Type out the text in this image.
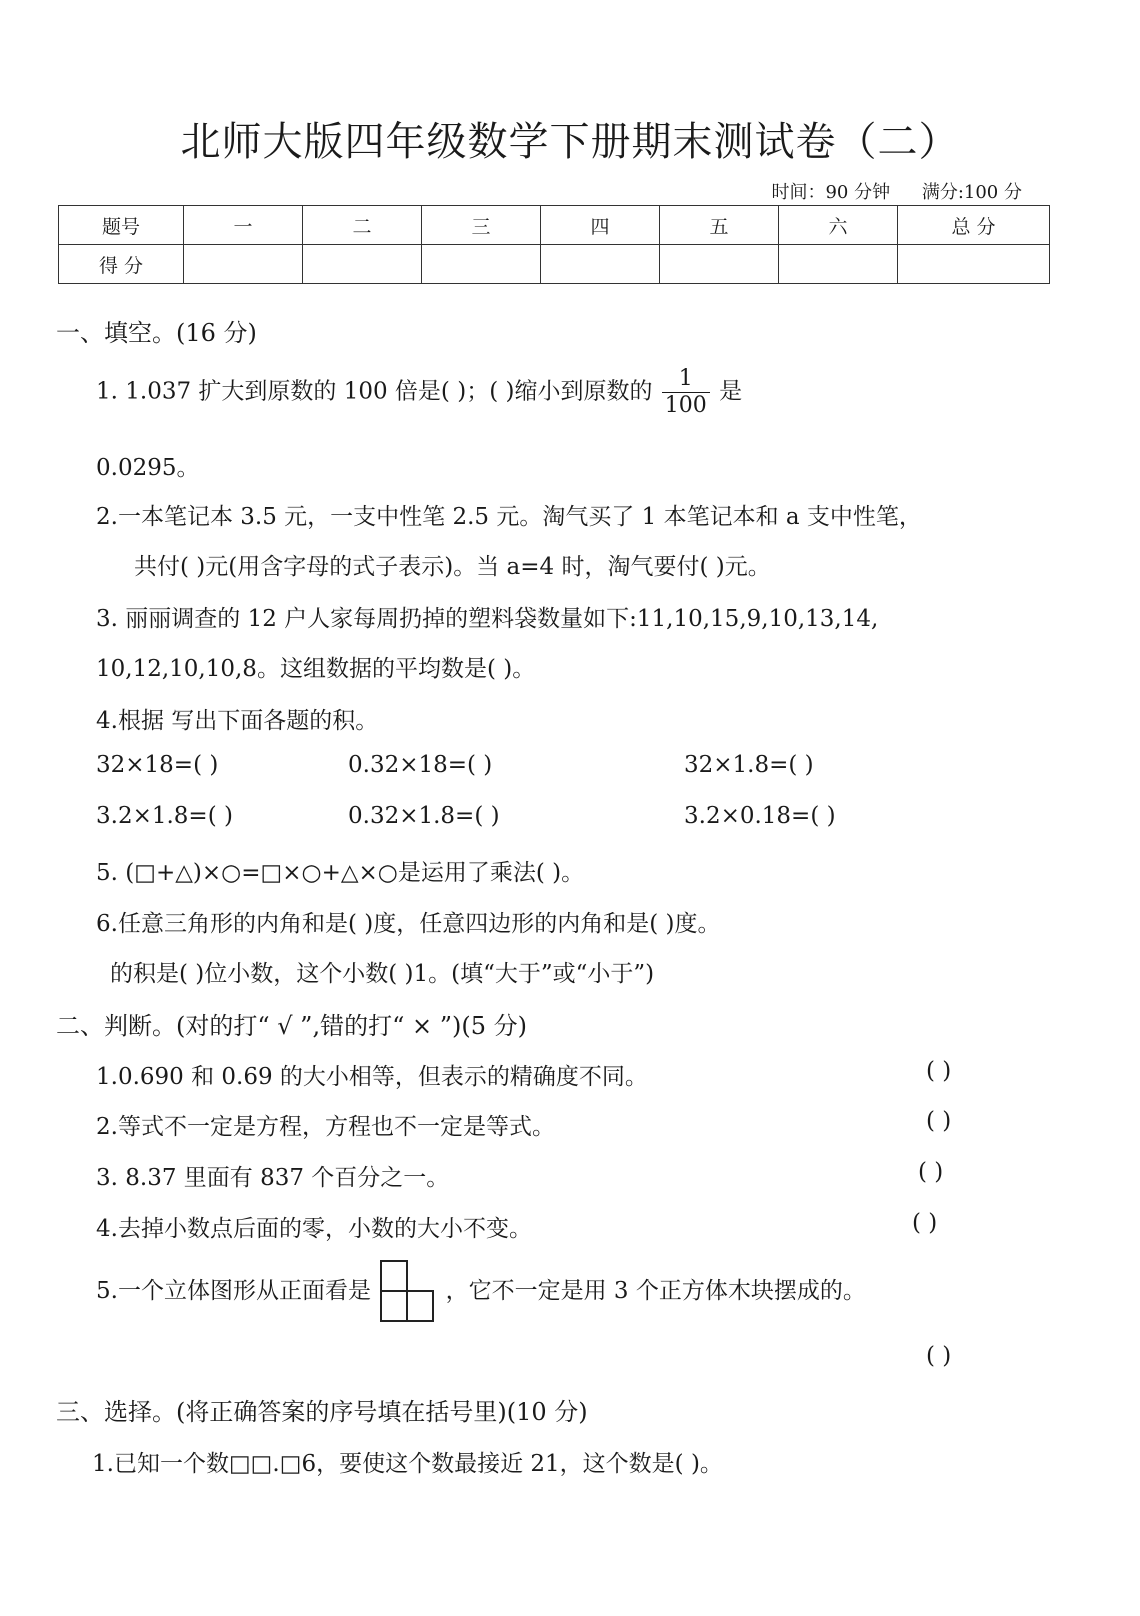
北师大版四年级数学下册期末测试卷（二）
时间：90 分钟 满分:100 分
题号	一	二	三	四	五	六	总 分
得 分							
一、填空。(16 分)
1. 1.037 扩大到原数的 100 倍是( )；( )缩小到原数的 $\frac{1}{100}$ 是
0.0295。
2.一本笔记本 3.5 元，一支中性笔 2.5 元。淘气买了 1 本笔记本和 a 支中性笔，
共付( )元(用含字母的式子表示)。当 a=4 时，淘气要付( )元。
3. 丽丽调查的 12 户人家每周扔掉的塑料袋数量如下:11,10,15,9,10,13,14,
10,12,10,10,8。这组数据的平均数是( )。
4.根据 写出下面各题的积。
32×18=( )	0.32×18=( )	32×1.8=( )
3.2×1.8=( )	0.32×1.8=( )	3.2×0.18=( )
5. (□+△)×○=□×○+△×○是运用了乘法( )。
6.任意三角形的内角和是( )度，任意四边形的内角和是( )度。
的积是( )位小数，这个小数( )1。(填“大于”或“小于”)
二、判断。(对的打“ √ ”,错的打“ × ”)(5 分)
1.0.690 和 0.69 的大小相等，但表示的精确度不同。	( )
2.等式不一定是方程，方程也不一定是等式。	( )
3. 8.37 里面有 837 个百分之一。	( )
4.去掉小数点后面的零，小数的大小不变。	( )
5.一个立体图形从正面看是	，它不一定是用 3 个正方体木块摆成的。
( )
三、选择。(将正确答案的序号填在括号里)(10 分)
1.已知一个数□□.□6，要使这个数最接近 21，这个数是( )。
